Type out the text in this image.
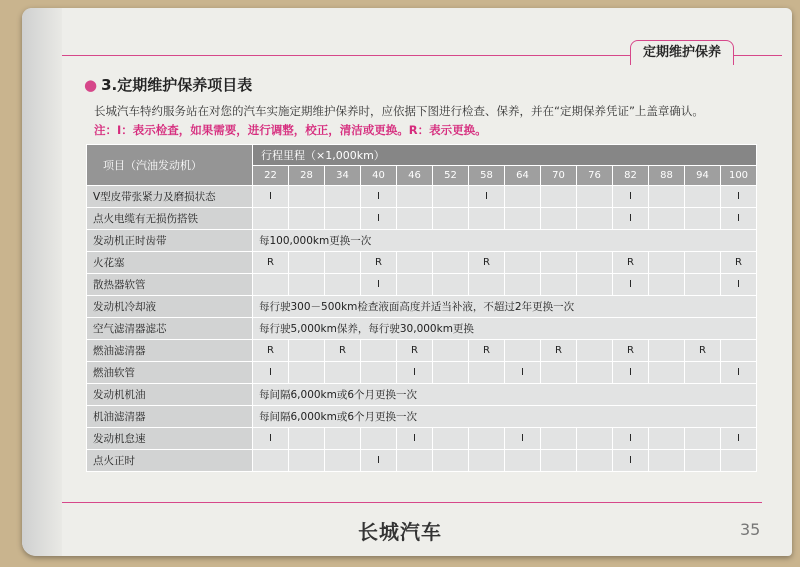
定期维护保养
● 3.定期维护保养项目表
长城汽车特约服务站在对您的汽车实施定期维护保养时，应依据下图进行检查、保养，并在“定期保养凭证”上盖章确认。
注：I：表示检查，如果需要，进行调整，校正，清洁或更换。R：表示更换。
项目（汽油发动机）	行程里程（×1,000km）													
	22	28	34	40	46	52	58	64	70	76	82	88	94	100
V型皮带张紧力及磨损状态	I			I			I				I			I
点火电缆有无损伤搭铁				I							I			I
发动机正时齿带	每100,000km更换一次													
火花塞	R			R			R				R			R
散热器软管				I							I			I
发动机冷却液	每行驶300－500km检查液面高度并适当补液，不超过2年更换一次													
空气滤清器滤芯	每行驶5,000km保养，每行驶30,000km更换													
燃油滤清器	R		R		R		R		R		R		R	
燃油软管	I				I			I			I			I
发动机机油	每间隔6,000km或6个月更换一次													
机油滤清器	每间隔6,000km或6个月更换一次													
发动机怠速	I				I			I			I			I
点火正时				I							I			
长城汽车	35
